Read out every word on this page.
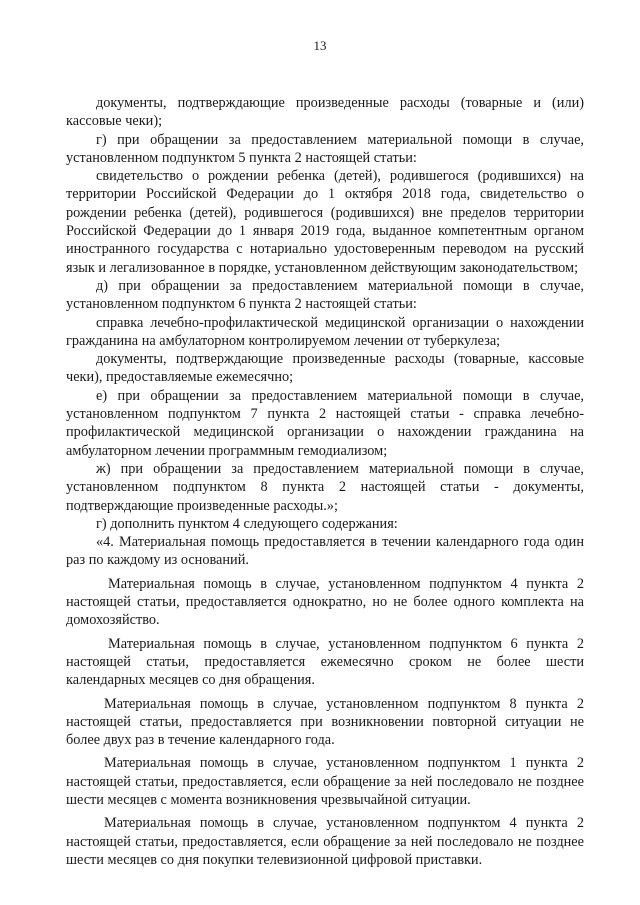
13

документы, подтверждающие произведенные расходы (товарные и (или) кассовые чеки);

г) при обращении за предоставлением материальной помощи в случае, установленном подпунктом 5 пункта 2 настоящей статьи:

свидетельство о рождении ребенка (детей), родившегося (родившихся) на территории Российской Федерации до 1 октября 2018 года, свидетельство о рождении ребенка (детей), родившегося (родившихся) вне пределов территории Российской Федерации до 1 января 2019 года, выданное компетентным органом иностранного государства с нотариально удостоверенным переводом на русский язык и легализованное в порядке, установленном действующим законодательством;

д) при обращении за предоставлением материальной помощи в случае, установленном подпунктом 6 пункта 2 настоящей статьи:

справка лечебно-профилактической медицинской организации о нахождении гражданина на амбулаторном контролируемом лечении от туберкулеза;

документы, подтверждающие произведенные расходы (товарные, кассовые чеки), предоставляемые ежемесячно;

е) при обращении за предоставлением материальной помощи в случае, установленном подпунктом 7 пункта 2 настоящей статьи - справка лечебно-профилактической медицинской организации о нахождении гражданина на амбулаторном лечении программным гемодиализом;

ж) при обращении за предоставлением материальной помощи в случае, установленном подпунктом 8 пункта 2 настоящей статьи - документы, подтверждающие произведенные расходы.»;

г) дополнить пунктом 4 следующего содержания:

«4. Материальная помощь предоставляется в течении календарного года один раз по каждому из оснований.

Материальная помощь в случае, установленном подпунктом 4 пункта 2 настоящей статьи, предоставляется однократно, но не более одного комплекта на домохозяйство.

Материальная помощь в случае, установленном подпунктом 6 пункта 2 настоящей статьи, предоставляется ежемесячно сроком не более шести календарных месяцев со дня обращения.

Материальная помощь в случае, установленном подпунктом 8 пункта 2 настоящей статьи, предоставляется при возникновении повторной ситуации не более двух раз в течение календарного года.

Материальная помощь в случае, установленном подпунктом 1 пункта 2 настоящей статьи, предоставляется, если обращение за ней последовало не позднее шести месяцев с момента возникновения чрезвычайной ситуации.

Материальная помощь в случае, установленном подпунктом 4 пункта 2 настоящей статьи, предоставляется, если обращение за ней последовало не позднее шести месяцев со дня покупки телевизионной цифровой приставки.
